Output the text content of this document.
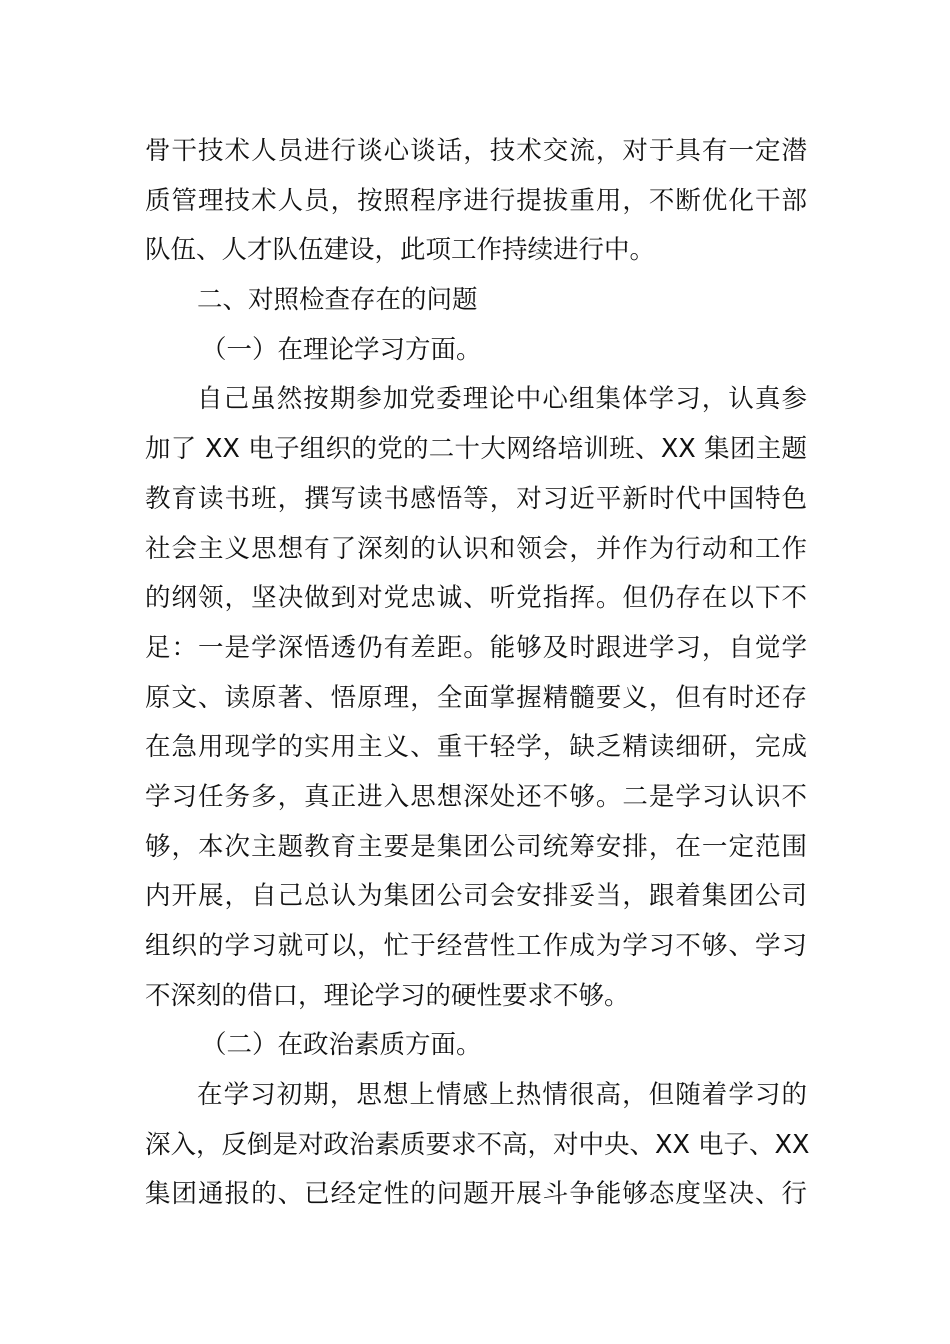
骨干技术人员进行谈心谈话，技术交流，对于具有一定潜
质管理技术人员，按照程序进行提拔重用，不断优化干部
队伍、人才队伍建设，此项工作持续进行中。
二、对照检查存在的问题
（一）在理论学习方面。
自己虽然按期参加党委理论中心组集体学习，认真参
加了 XX 电子组织的党的二十大网络培训班、XX 集团主题
教育读书班，撰写读书感悟等，对习近平新时代中国特色
社会主义思想有了深刻的认识和领会，并作为行动和工作
的纲领，坚决做到对党忠诚、听党指挥。但仍存在以下不
足：一是学深悟透仍有差距。能够及时跟进学习，自觉学
原文、读原著、悟原理，全面掌握精髓要义，但有时还存
在急用现学的实用主义、重干轻学，缺乏精读细研，完成
学习任务多，真正进入思想深处还不够。二是学习认识不
够，本次主题教育主要是集团公司统筹安排，在一定范围
内开展，自己总认为集团公司会安排妥当，跟着集团公司
组织的学习就可以，忙于经营性工作成为学习不够、学习
不深刻的借口，理论学习的硬性要求不够。
（二）在政治素质方面。
在学习初期，思想上情感上热情很高，但随着学习的
深入，反倒是对政治素质要求不高，对中央、XX 电子、XX
集团通报的、已经定性的问题开展斗争能够态度坚决、行
